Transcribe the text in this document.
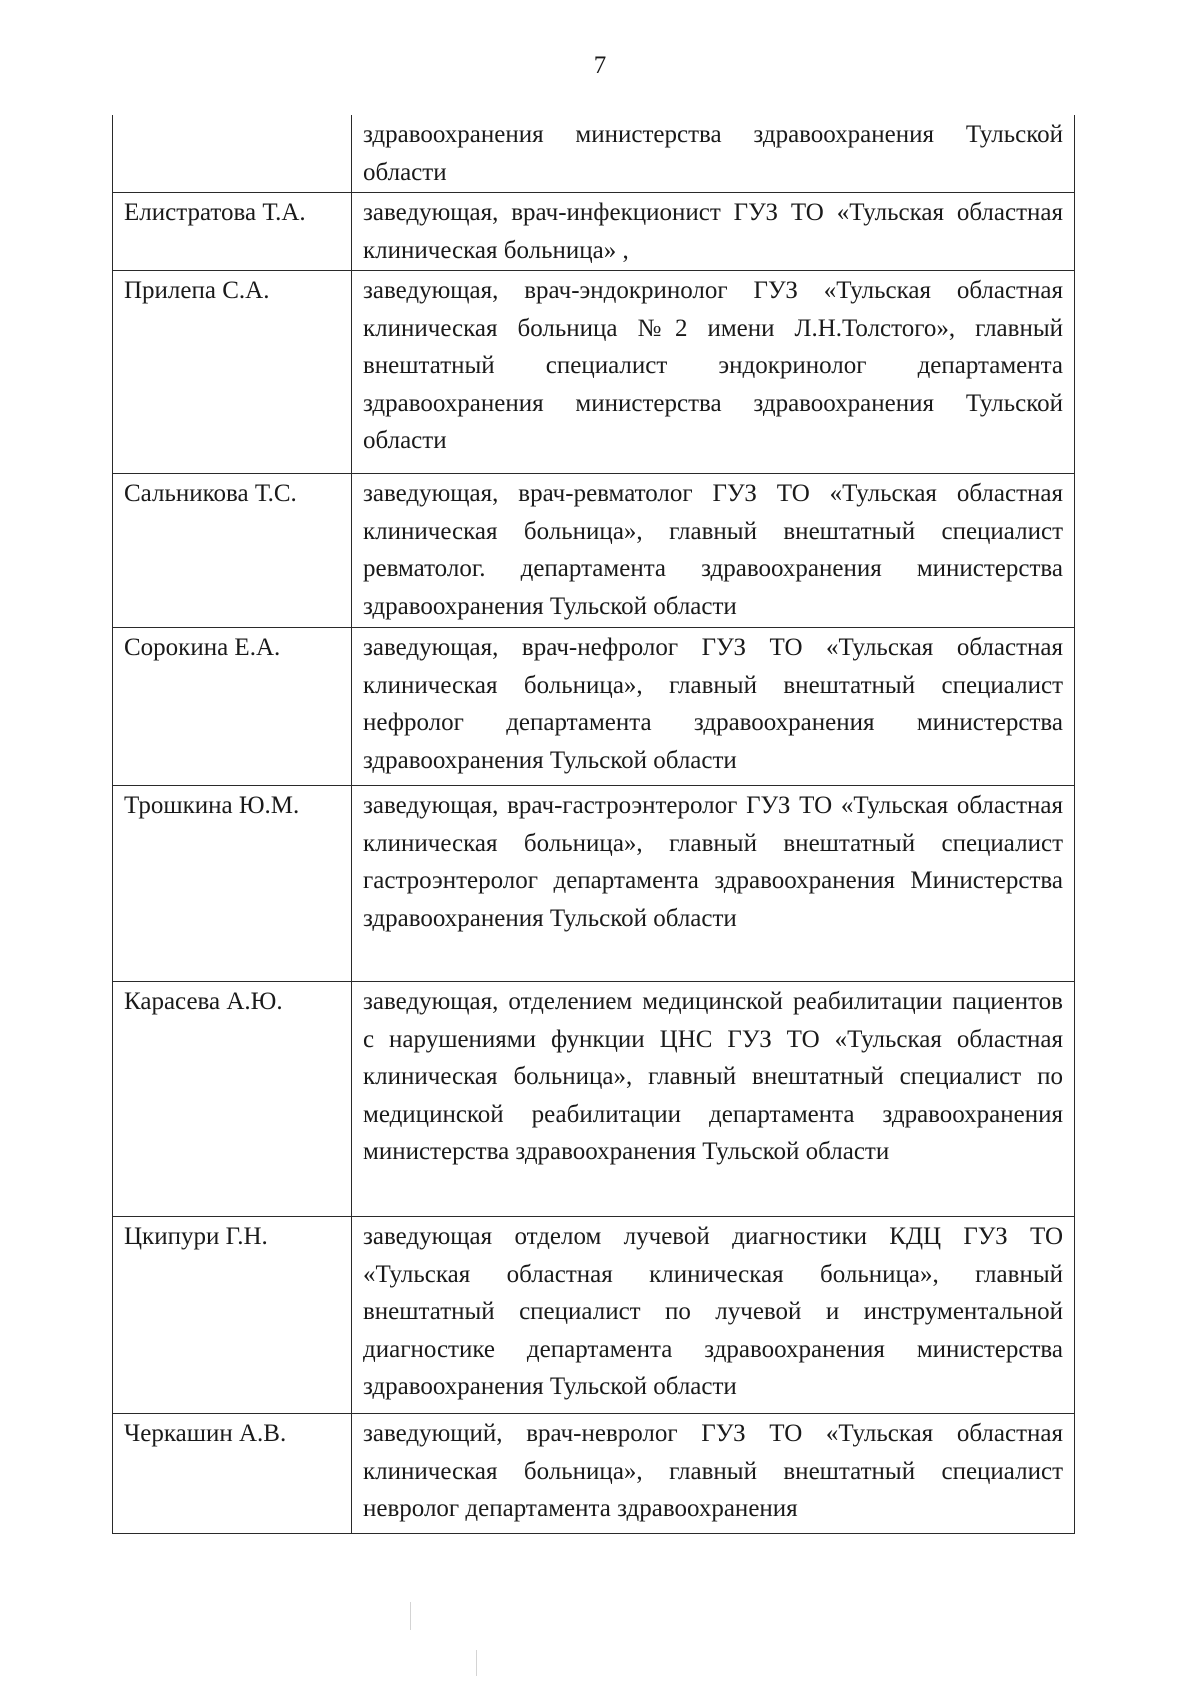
7
	здравоохранения министерства здравоохранения Тульской области
Елистратова Т.А.	заведующая, врач-инфекционист ГУЗ ТО «Тульская областная клиническая больница» ,
Прилепа С.А.	заведующая, врач-эндокринолог ГУЗ «Тульская областная клиническая больница №2 имени Л.Н.Толстого», главный внештатный специалист эндокринолог департамента здравоохранения министерства здравоохранения Тульской области
Сальникова Т.С.	заведующая, врач-ревматолог ГУЗ ТО «Тульская областная клиническая больница», главный внештатный специалист ревматолог. департамента здравоохранения министерства здравоохранения Тульской области
Сорокина Е.А.	заведующая, врач-нефролог ГУЗ ТО «Тульская областная клиническая больница», главный внештатный специалист нефролог департамента здравоохранения министерства здравоохранения Тульской области
Трошкина Ю.М.	заведующая, врач-гастроэнтеролог ГУЗ ТО «Тульская областная клиническая больница», главный внештатный специалист гастроэнтеролог департамента здравоохранения Министерства здравоохранения Тульской области
Карасева А.Ю.	заведующая, отделением медицинской реабилитации пациентов с нарушениями функции ЦНС ГУЗ ТО «Тульская областная клиническая больница», главный внештатный специалист по медицинской реабилитации департамента здравоохранения министерства здравоохранения Тульской области
Цкипури Г.Н.	заведующая отделом лучевой диагностики КДЦ ГУЗ ТО «Тульская областная клиническая больница», главный внештатный специалист по лучевой и инструментальной диагностике департамента здравоохранения министерства здравоохранения Тульской области
Черкашин А.В.	заведующий, врач-невролог ГУЗ ТО «Тульская областная клиническая больница», главный внештатный специалист невролог департамента здравоохранения
